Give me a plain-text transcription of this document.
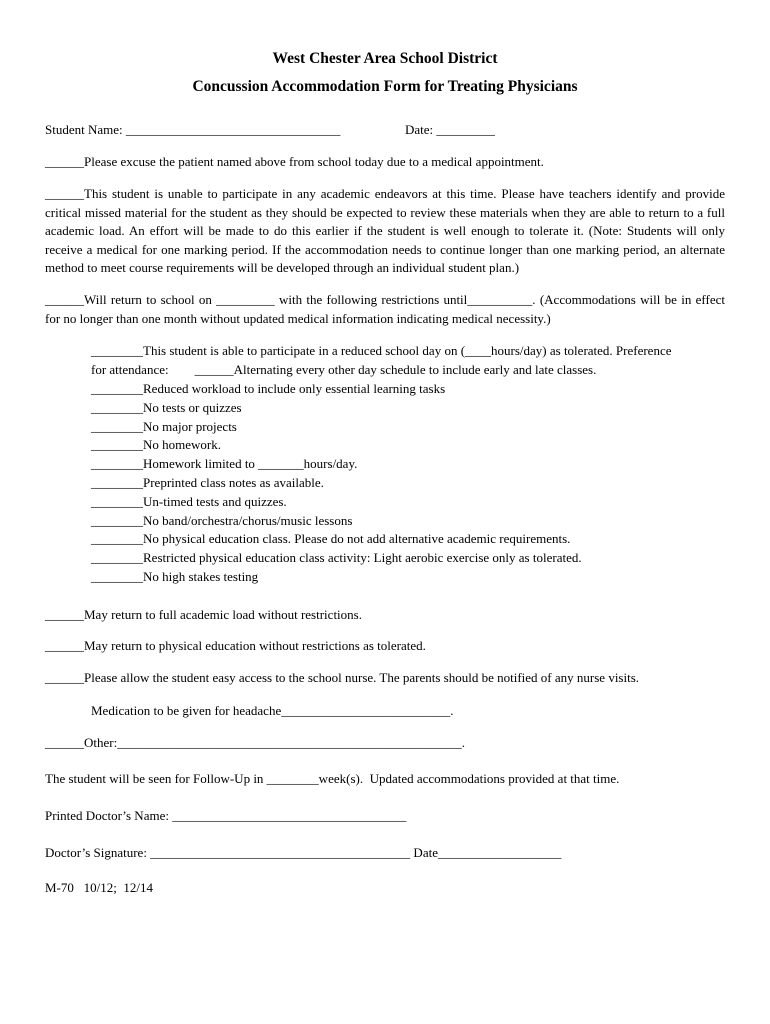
West Chester Area School District
Concussion Accommodation Form for Treating Physicians
Student Name: _________________________________	Date: _________
______Please excuse the patient named above from school today due to a medical appointment.
______This student is unable to participate in any academic endeavors at this time. Please have teachers identify and provide critical missed material for the student as they should be expected to review these materials when they are able to return to a full academic load. An effort will be made to do this earlier if the student is well enough to tolerate it. (Note: Students will only receive a medical for one marking period. If the accommodation needs to continue longer than one marking period, an alternate method to meet course requirements will be developed through an individual student plan.)
______Will return to school on _________ with the following restrictions until__________. (Accommodations will be in effect for no longer than one month without updated medical information indicating medical necessity.)
________This student is able to participate in a reduced school day on (____hours/day) as tolerated. Preference
for attendance:        ______Alternating every other day schedule to include early and late classes.
________Reduced workload to include only essential learning tasks
________No tests or quizzes
________No major projects
________No homework.
________Homework limited to _______hours/day.
________Preprinted class notes as available.
________Un-timed tests and quizzes.
________No band/orchestra/chorus/music lessons
________No physical education class. Please do not add alternative academic requirements.
________Restricted physical education class activity: Light aerobic exercise only as tolerated.
________No high stakes testing
______May return to full academic load without restrictions.
______May return to physical education without restrictions as tolerated.
______Please allow the student easy access to the school nurse. The parents should be notified of any nurse visits.
Medication to be given for headache__________________________.
______Other:_____________________________________________________.
The student will be seen for Follow-Up in ________week(s).  Updated accommodations provided at that time.
Printed Doctor’s Name: ____________________________________
Doctor’s Signature: ________________________________________ Date___________________
M-70   10/12;  12/14
